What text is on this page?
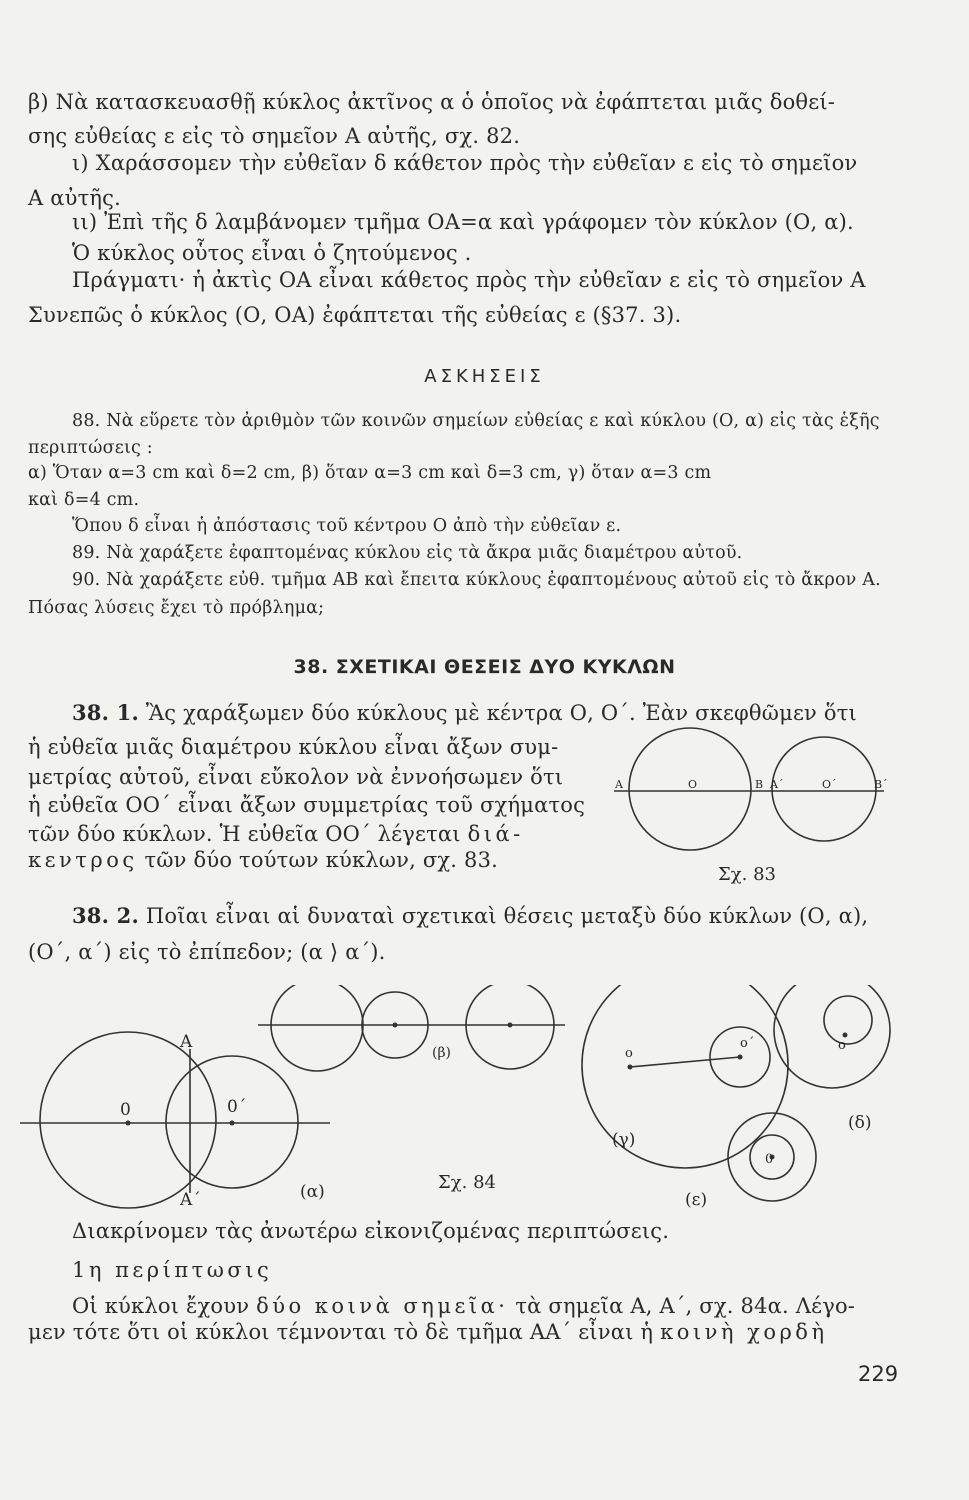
β) Νὰ κατασκευασθῇ κύκλος ἀκτῖνος α ὁ ὁποῖος νὰ ἐφάπτεται μιᾶς δοθεί-
σης εὐθείας ε εἰς τὸ σημεῖον Α αὐτῆς, σχ. 82.
ι) Χαράσσομεν τὴν εὐθεῖαν δ κάθετον πρὸς τὴν εὐθεῖαν ε εἰς τὸ σημεῖον
Α αὐτῆς.
ιι) Ἐπὶ τῆς δ λαμβάνομεν τμῆμα ΟΑ=α καὶ γράφομεν τὸν κύκλον (Ο, α).
Ὁ κύκλος οὗτος εἶναι ὁ ζητούμενος .
Πράγματι· ἡ ἀκτὶς ΟΑ εἶναι κάθετος πρὸς τὴν εὐθεῖαν ε εἰς τὸ σημεῖον Α
Συνεπῶς ὁ κύκλος (Ο, ΟΑ) ἐφάπτεται τῆς εὐθείας ε (§37. 3).
ΑΣΚΗΣΕΙΣ
88. Νὰ εὕρετε τὸν ἀριθμὸν τῶν κοινῶν σημείων εὐθείας ε καὶ κύκλου (Ο, α) εἰς τὰς ἑξῆς
περιπτώσεις :
α) Ὅταν α=3 cm καὶ δ=2 cm, β) ὅταν α=3 cm καὶ δ=3 cm, γ) ὅταν α=3 cm
καὶ δ=4 cm.
Ὅπου δ εἶναι ἡ ἀπόστασις τοῦ κέντρου Ο ἀπὸ τὴν εὐθεῖαν ε.
89. Νὰ χαράξετε ἐφαπτομένας κύκλου εἰς τὰ ἄκρα μιᾶς διαμέτρου αὐτοῦ.
90. Νὰ χαράξετε εὐθ. τμῆμα ΑΒ καὶ ἔπειτα κύκλους ἐφαπτομένους αὐτοῦ εἰς τὸ ἄκρον Α.
Πόσας λύσεις ἔχει τὸ πρόβλημα;
38. ΣΧΕΤΙΚΑΙ ΘΕΣΕΙΣ ΔΥΟ ΚΥΚΛΩΝ
38. 1. Ἂς χαράξωμεν δύο κύκλους μὲ κέντρα Ο, Ο΄. Ἐὰν σκεφθῶμεν ὅτι
ἡ εὐθεῖα μιᾶς διαμέτρου κύκλου εἶναι ἄξων συμ-
μετρίας αὐτοῦ, εἶναι εὔκολον νὰ ἐννοήσωμεν ὅτι
ἡ εὐθεῖα ΟΟ΄ εἶναι ἄξων συμμετρίας τοῦ σχήματος
τῶν δύο κύκλων. Ἡ εὐθεῖα ΟΟ΄ λέγεται διά-
κεντρος τῶν δύο τούτων κύκλων, σχ. 83.
A	O	B A΄	O΄	B΄
Σχ. 83
38. 2. Ποῖαι εἶναι αἱ δυναταὶ σχετικαὶ θέσεις μεταξὺ δύο κύκλων (Ο, α),
(Ο΄, α΄) εἰς τὸ ἐπίπεδον; (α ⟩ α΄).
A
0	0΄
A΄	(α)
(β)
(γ)
(δ)
(ε)
0
ο
ο΄	ο
Σχ. 84
Διακρίνομεν τὰς ἀνωτέρω εἰκονιζομένας περιπτώσεις.
1η περίπτωσις
Οἱ κύκλοι ἔχουν δύο κοινὰ σημεῖα· τὰ σημεῖα Α, Α΄, σχ. 84α. Λέγο-
μεν τότε ὅτι οἱ κύκλοι τέμνονται τὸ δὲ τμῆμα ΑΑ΄ εἶναι ἡ κοινὴ χορδὴ
229
